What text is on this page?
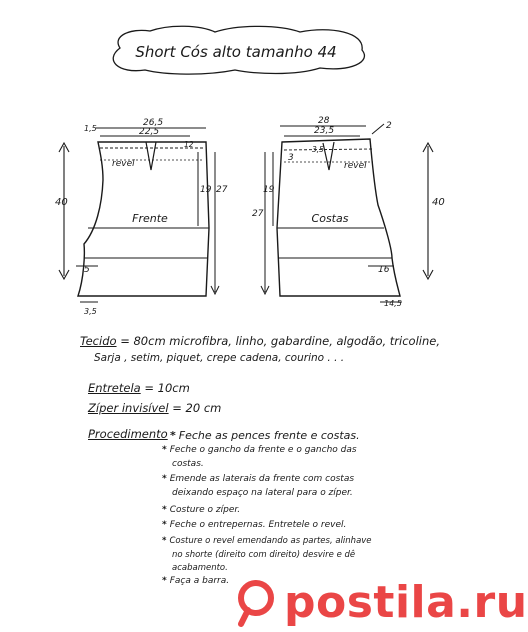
Short Cós alto tamanho 44
Frente
revel
26,5
22,5
1,5
12
40
19 27
5
3,5
Costas
revel
28
23,5
3,5
2
3
19
27
40
16
14,5
Tecido = 80cm microfibra, linho, gabardine, algodão, tricoline,
Sarja , setim, piquet, crepe cadena, courino . . .
Entretela = 10cm
Zíper invisível = 20 cm
Procedimento * Feche as pences frente e costas.
* Feche o gancho da frente e o gancho das
costas.
* Emende as laterais da frente com costas
deixando espaço na lateral para o zíper.
* Costure o zíper.
* Feche o entrepernas. Entretele o revel.
* Costure o revel emendando as partes, alinhave
no shorte (direito com direito) desvire e dê
acabamento.
* Faça a barra. postila.ru
